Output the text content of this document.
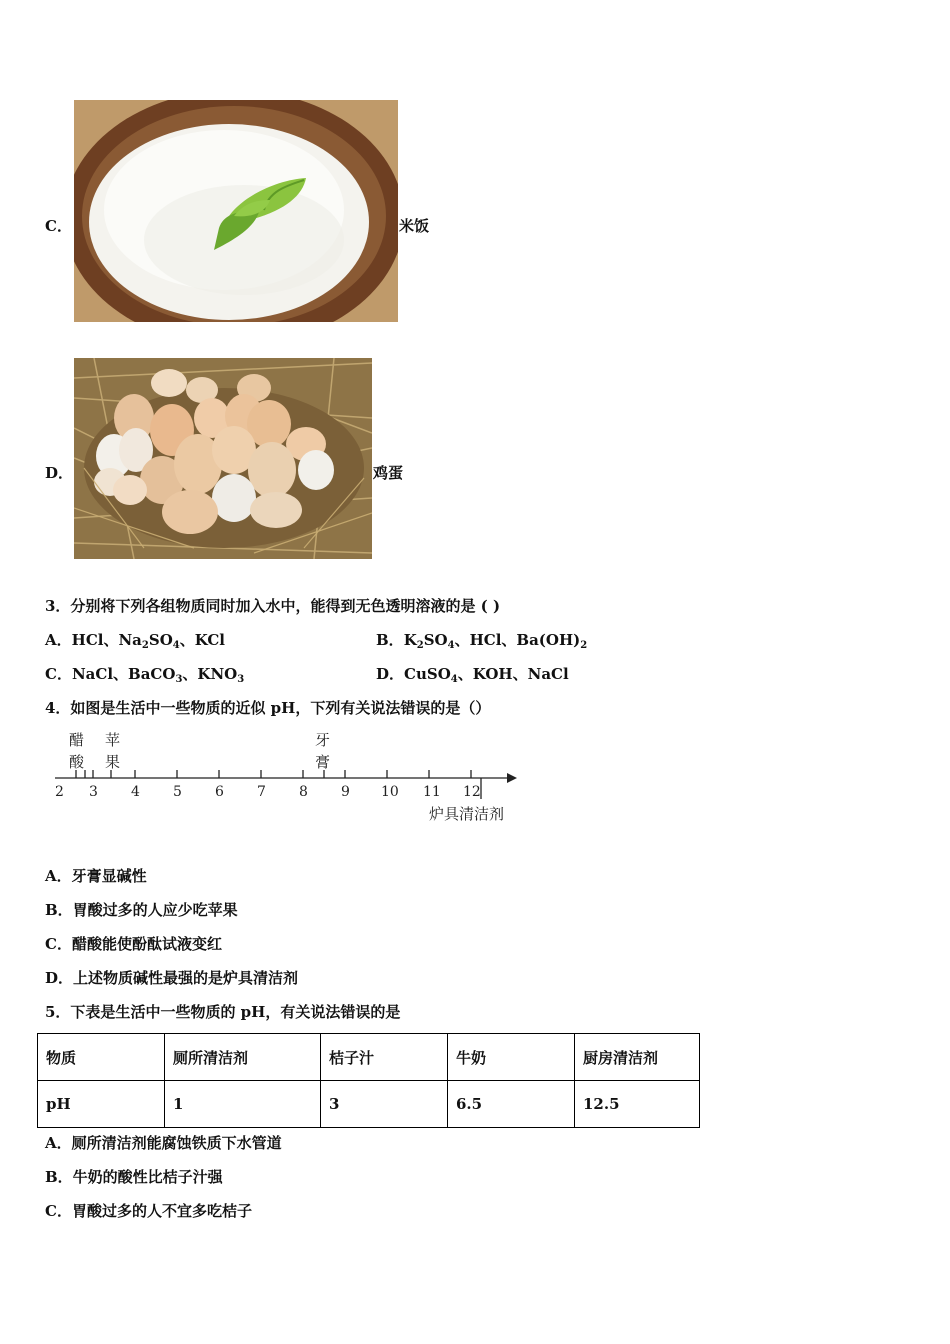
C．	米饭
D．	鸡蛋
3．分别将下列各组物质同时加入水中，能得到无色透明溶液的是 ( )
A．HCl、$Na_2SO_4$、KCl	B．$K_2SO_4$、HCl、$Ba(OH)_2$
C．NaCl、BaCO$_3$、$KNO_3$	D．CuSO$_4$、KOH、NaCl
4．如图是生活中一些物质的近似 pH，下列有关说法错误的是（）
醋
酸
苹
果
牙
膏
2 3 4 5 6 7 8 9 10 11 12
炉具清洁剂
A．牙膏显碱性
B．胃酸过多的人应少吃苹果
C．醋酸能使酚酞试液变红
D．上述物质碱性最强的是炉具清洁剂
5．下表是生活中一些物质的 pH，有关说法错误的是
物质	厕所清洁剂	桔子汁	牛奶	厨房清洁剂
pH	1	3	6.5	12.5
A．厕所清洁剂能腐蚀铁质下水管道
B．牛奶的酸性比桔子汁强
C．胃酸过多的人不宜多吃桔子
